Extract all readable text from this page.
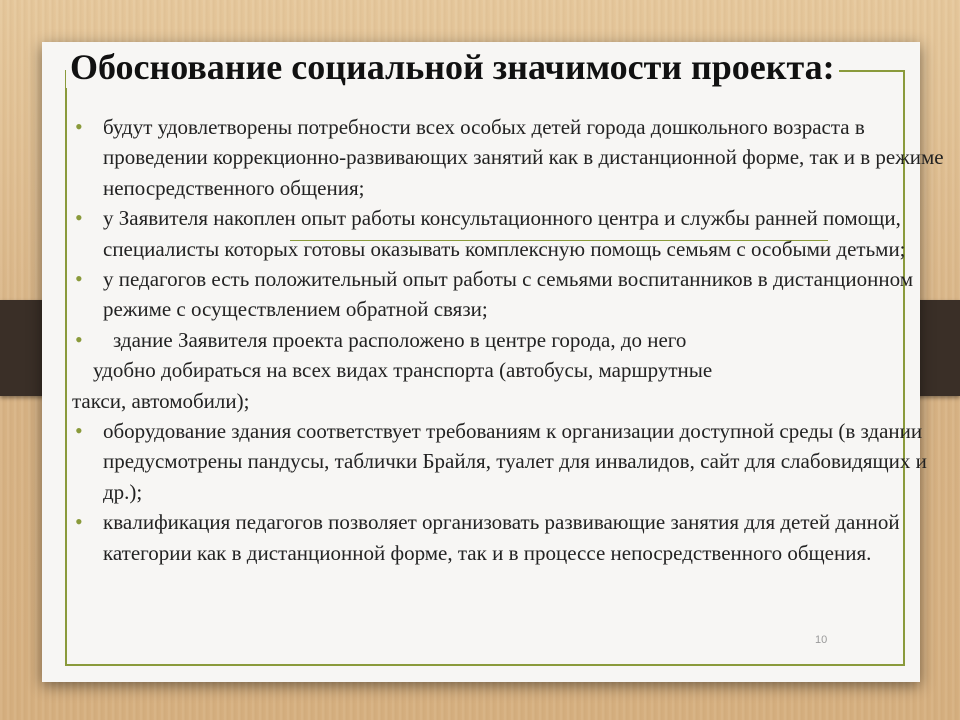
Обоснование социальной значимости проекта:

• будут удовлетворены потребности всех особых детей города дошкольного возраста в проведении коррекционно-развивающих занятий как в дистанционной форме, так и в режиме непосредственного общения;

• у Заявителя накоплен опыт работы консультационного центра и службы ранней помощи, специалисты которых готовы оказывать комплексную помощь семьям с особыми детьми;

• у педагогов есть положительный опыт работы с семьями воспитанников в дистанционном режиме с осуществлением обратной связи;

•	здание Заявителя проекта расположено в центре города, до него
удобно добираться на всех видах транспорта (автобусы, маршрутные
такси, автомобили);

• оборудование здания соответствует требованиям к организации доступной среды (в здании предусмотрены пандусы, таблички Брайля, туалет для инвалидов, сайт для слабовидящих и др.);

• квалификация педагогов позволяет организовать развивающие занятия для детей данной категории как в дистанционной форме, так и в процессе непосредственного общения.

10
